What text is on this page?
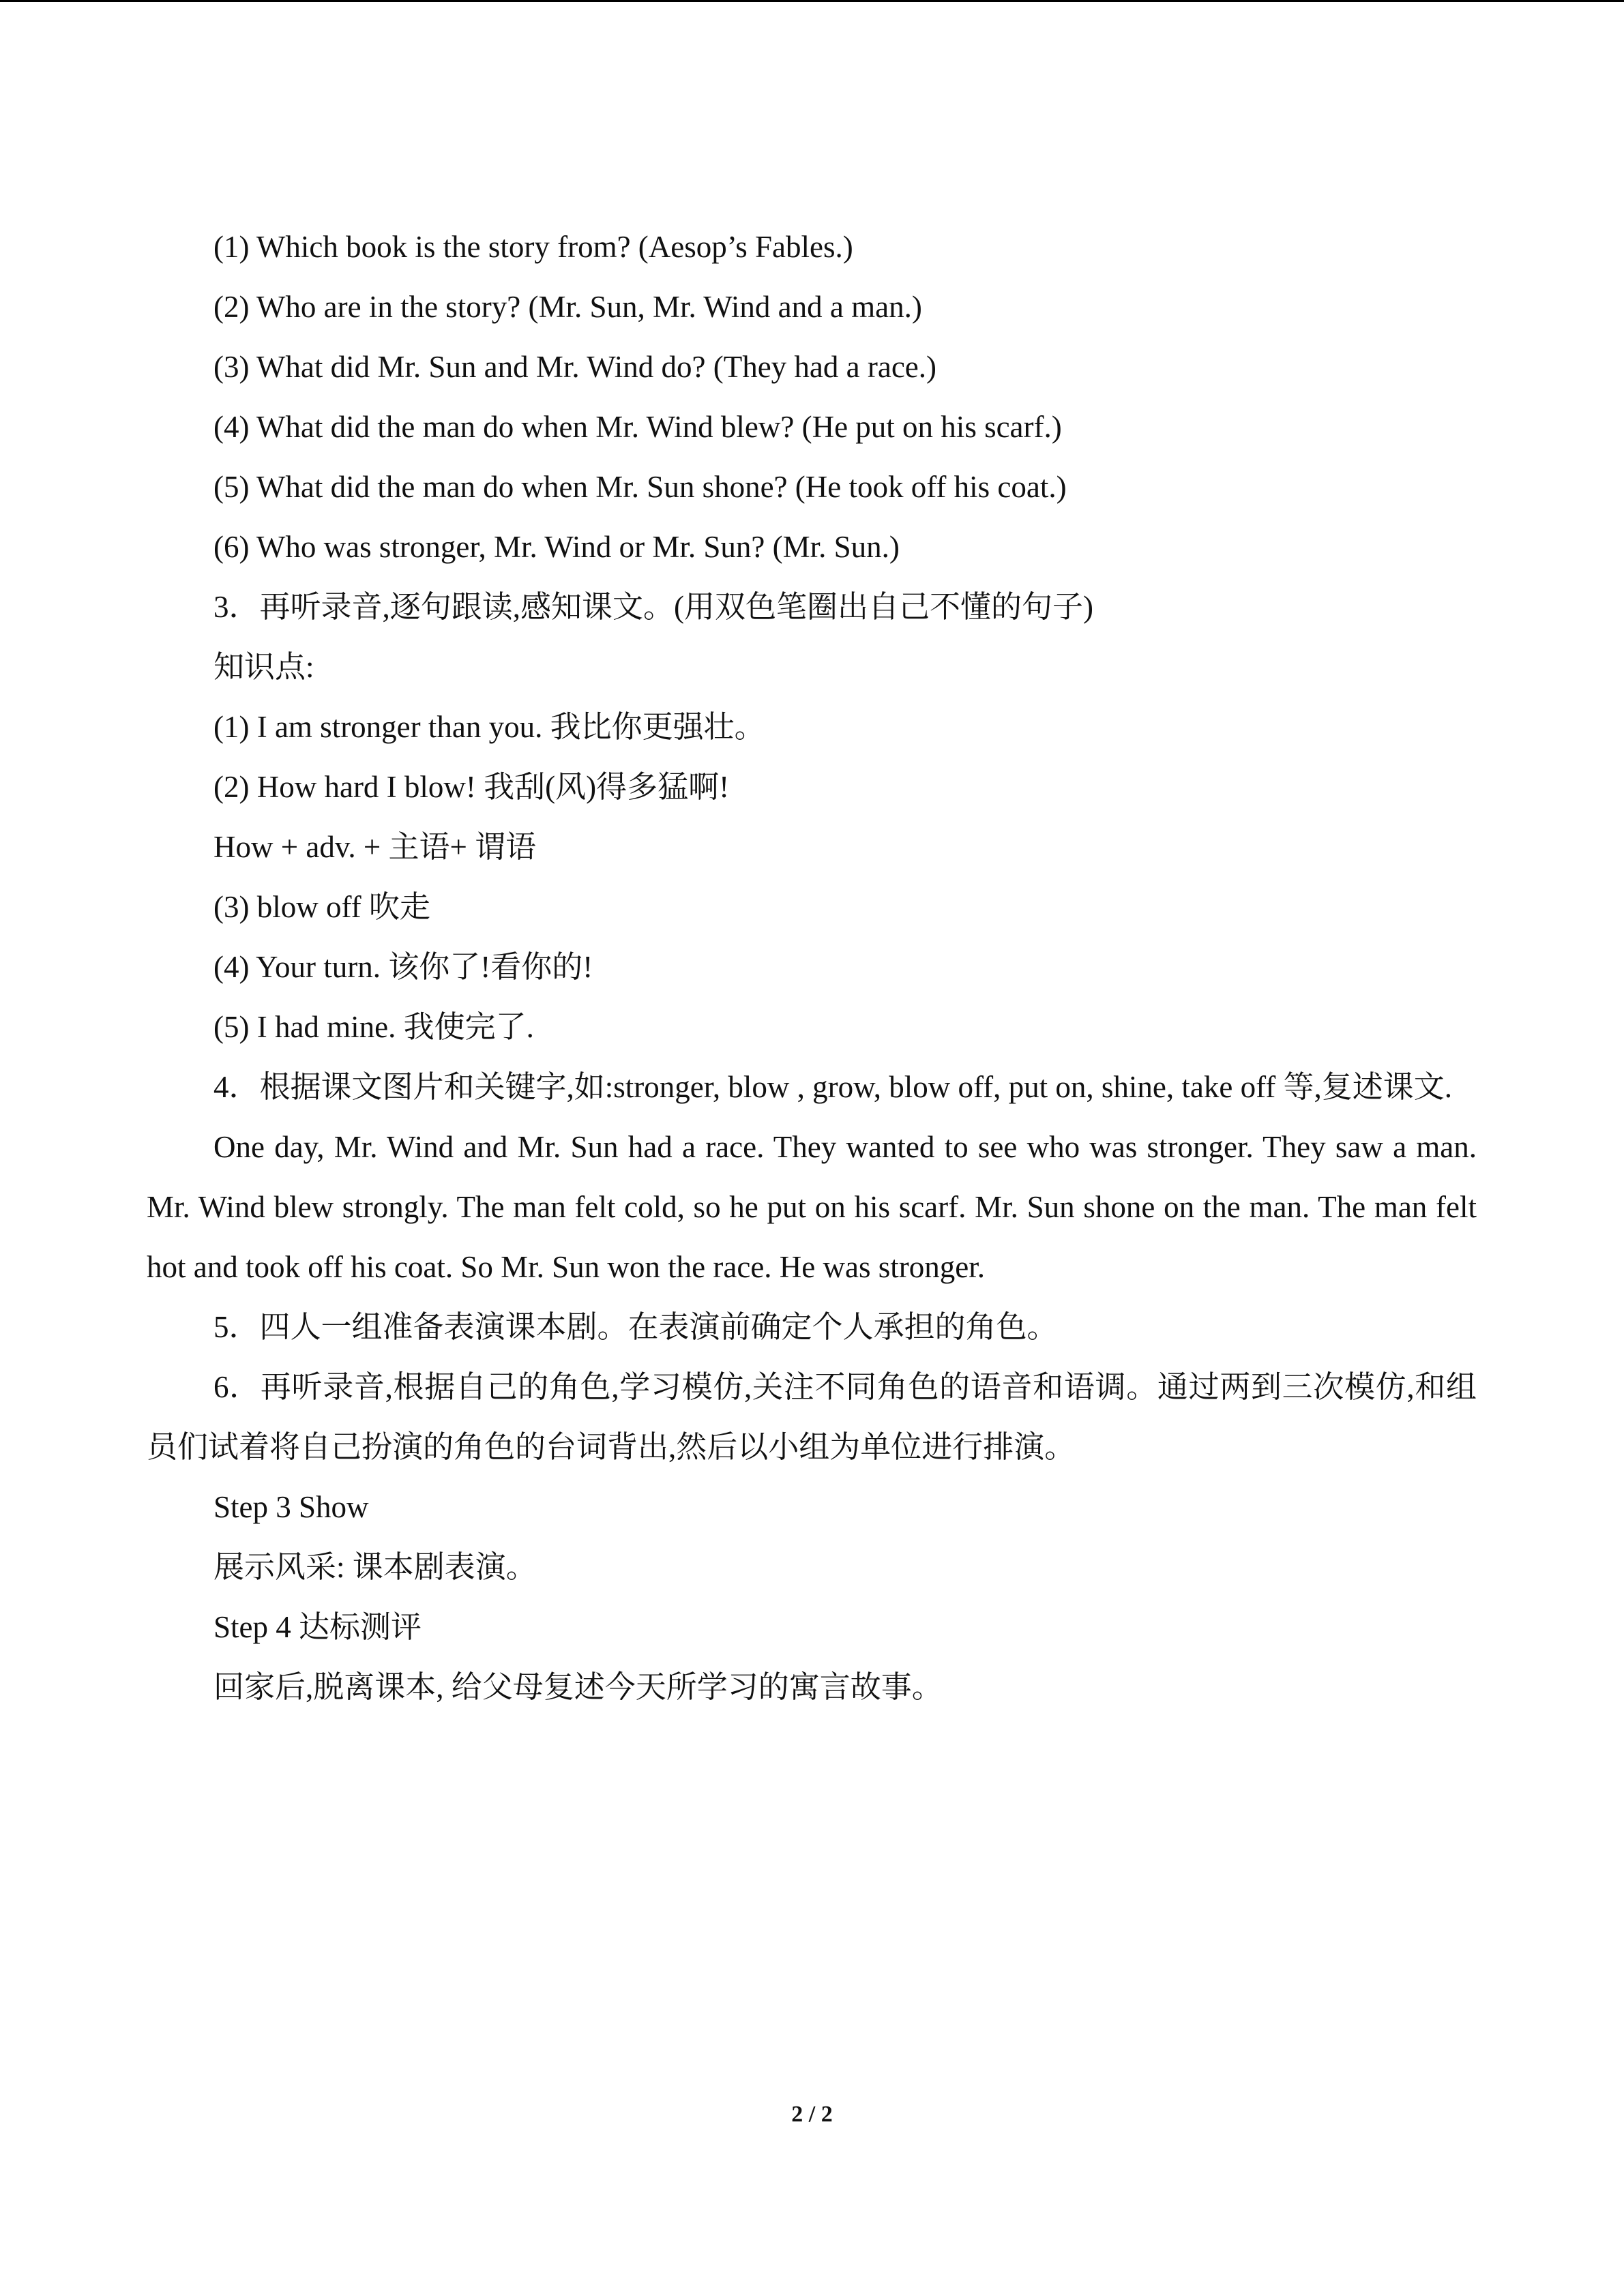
(1) Which book is the story from? (Aesop’s Fables.)
(2) Who are in the story? (Mr. Sun, Mr. Wind and a man.)
(3) What did Mr. Sun and Mr. Wind do? (They had a race.)
(4) What did the man do when Mr. Wind blew? (He put on his scarf.)
(5) What did the man do when Mr. Sun shone? (He took off his coat.)
(6) Who was stronger, Mr. Wind or Mr. Sun? (Mr. Sun.)
3．再听录音,逐句跟读,感知课文。(用双色笔圈出自己不懂的句子)
知识点:
(1) I am stronger than you. 我比你更强壮。
(2) How hard I blow! 我刮(风)得多猛啊!
How + adv. + 主语+ 谓语
(3) blow off 吹走
(4) Your turn. 该你了!看你的!
(5) I had mine. 我使完了.
4．根据课文图片和关键字,如:stronger, blow , grow, blow off, put on, shine, take off 等,复述课文.
One day, Mr. Wind and Mr. Sun had a race. They wanted to see who was stronger. They saw a man. Mr. Wind blew strongly. The man felt cold, so he put on his scarf. Mr. Sun shone on the man. The man felt hot and took off his coat. So Mr. Sun won the race. He was stronger.
5．四人一组准备表演课本剧。在表演前确定个人承担的角色。
6．再听录音,根据自己的角色,学习模仿,关注不同角色的语音和语调。通过两到三次模仿,和组员们试着将自己扮演的角色的台词背出,然后以小组为单位进行排演。
Step 3 Show
展示风采: 课本剧表演。
Step 4 达标测评
回家后,脱离课本, 给父母复述今天所学习的寓言故事。
2 / 2
